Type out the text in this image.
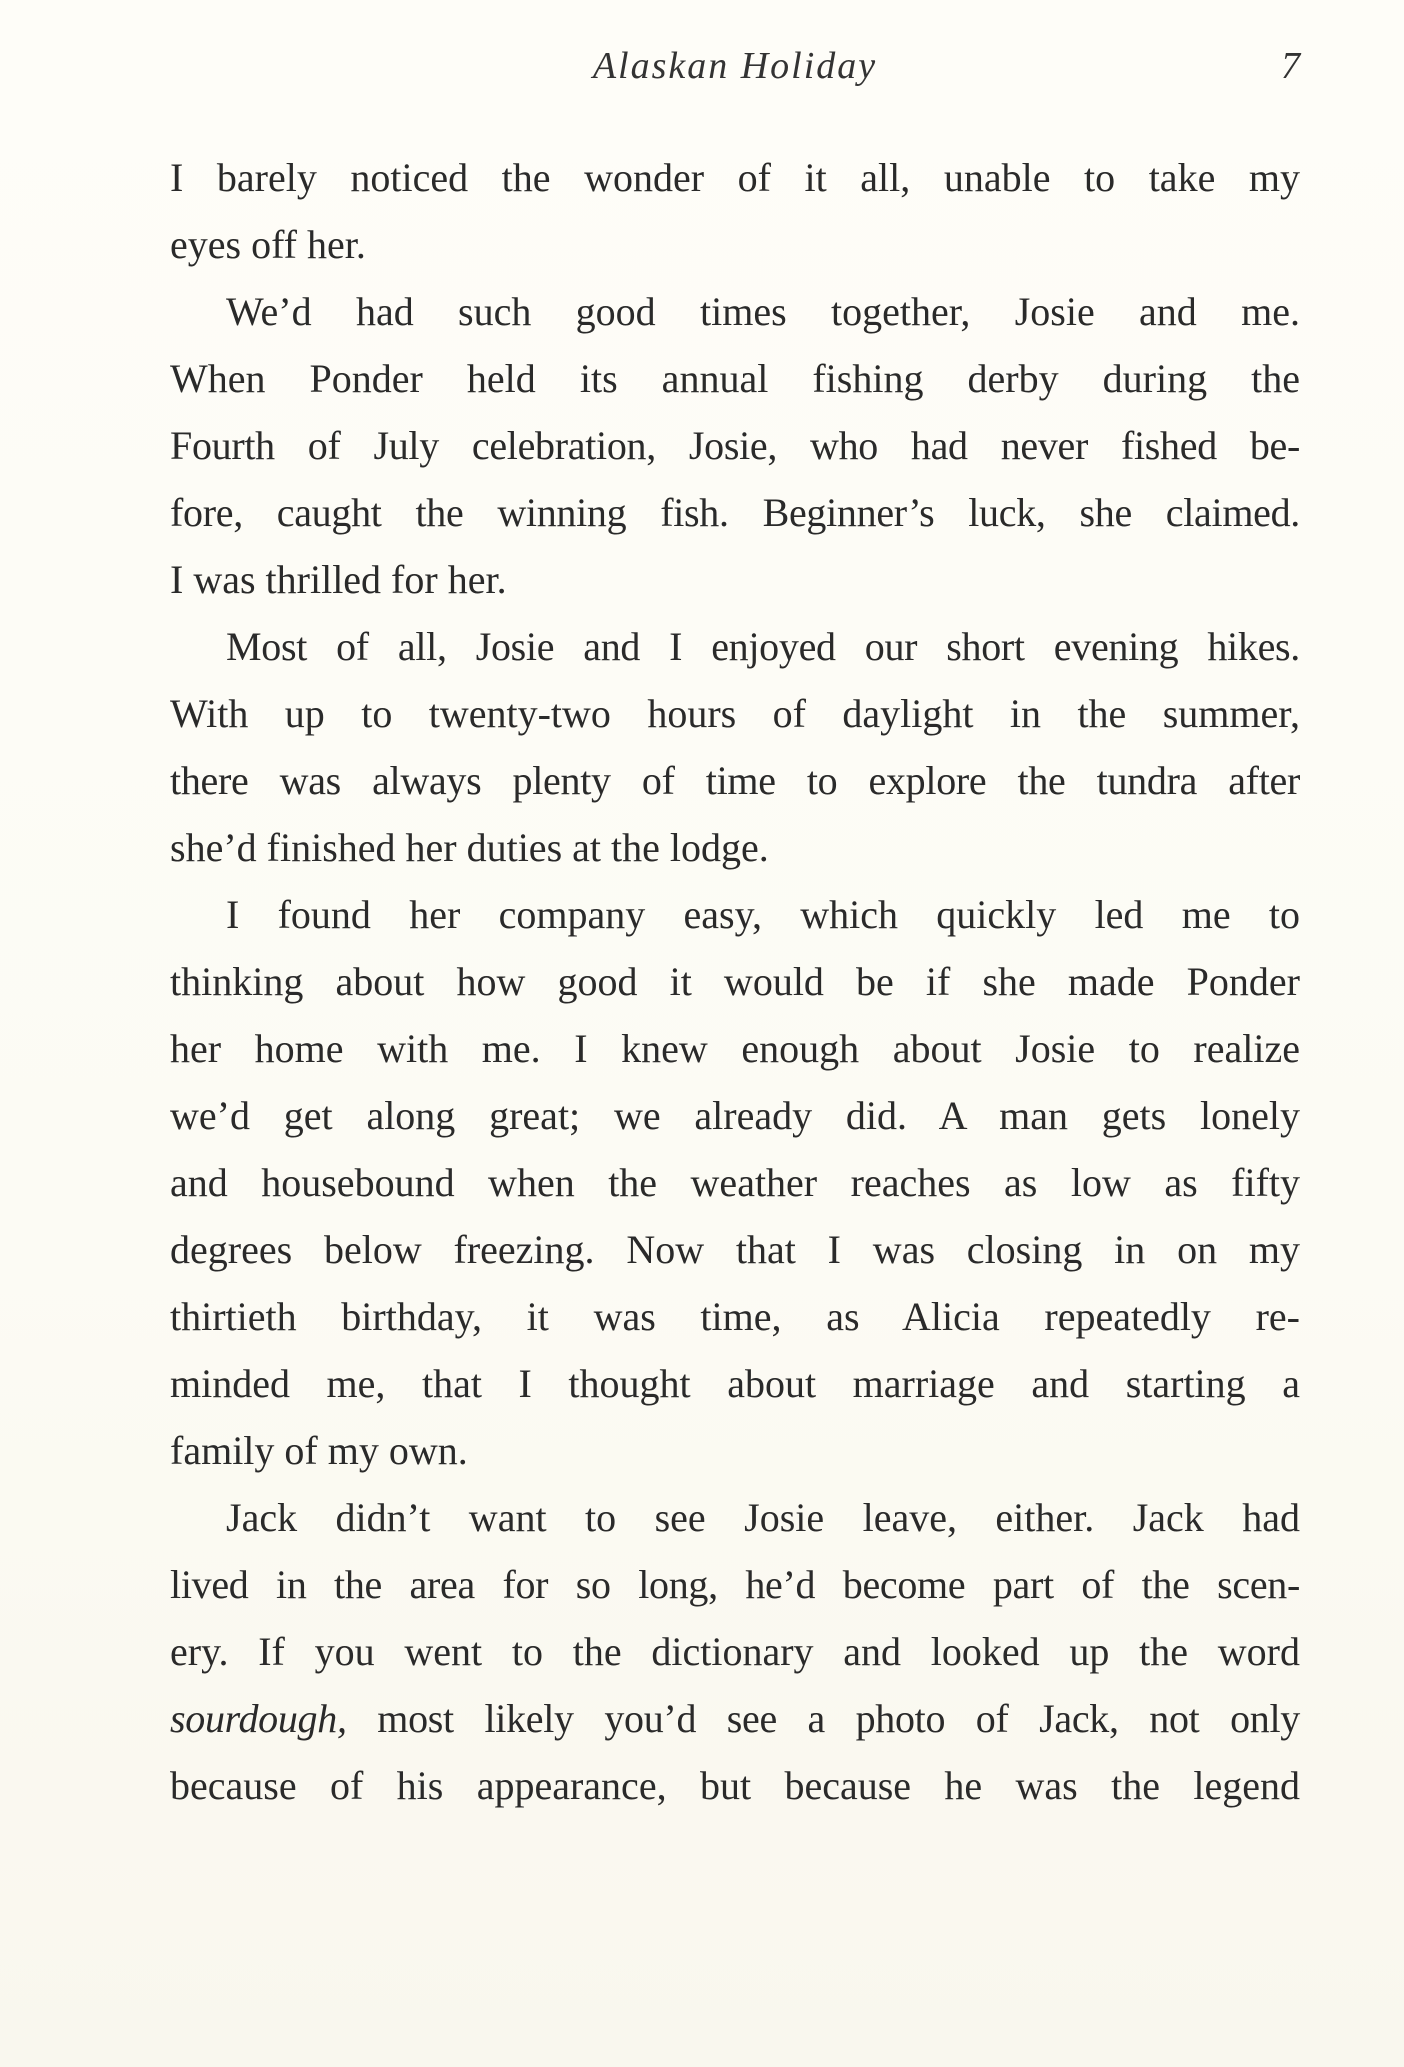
Alaskan Holiday	7
I barely noticed the wonder of it all, unable to take my
eyes off her.
We’d had such good times together, Josie and me.
When Ponder held its annual fishing derby during the
Fourth of July celebration, Josie, who had never fished be-
fore, caught the winning fish. Beginner’s luck, she claimed.
I was thrilled for her.
Most of all, Josie and I enjoyed our short evening hikes.
With up to twenty-two hours of daylight in the summer,
there was always plenty of time to explore the tundra after
she’d finished her duties at the lodge.
I found her company easy, which quickly led me to
thinking about how good it would be if she made Ponder
her home with me. I knew enough about Josie to realize
we’d get along great; we already did. A man gets lonely
and housebound when the weather reaches as low as fifty
degrees below freezing. Now that I was closing in on my
thirtieth birthday, it was time, as Alicia repeatedly re-
minded me, that I thought about marriage and starting a
family of my own.
Jack didn’t want to see Josie leave, either. Jack had
lived in the area for so long, he’d become part of the scen-
ery. If you went to the dictionary and looked up the word
sourdough, most likely you’d see a photo of Jack, not only
because of his appearance, but because he was the legend
